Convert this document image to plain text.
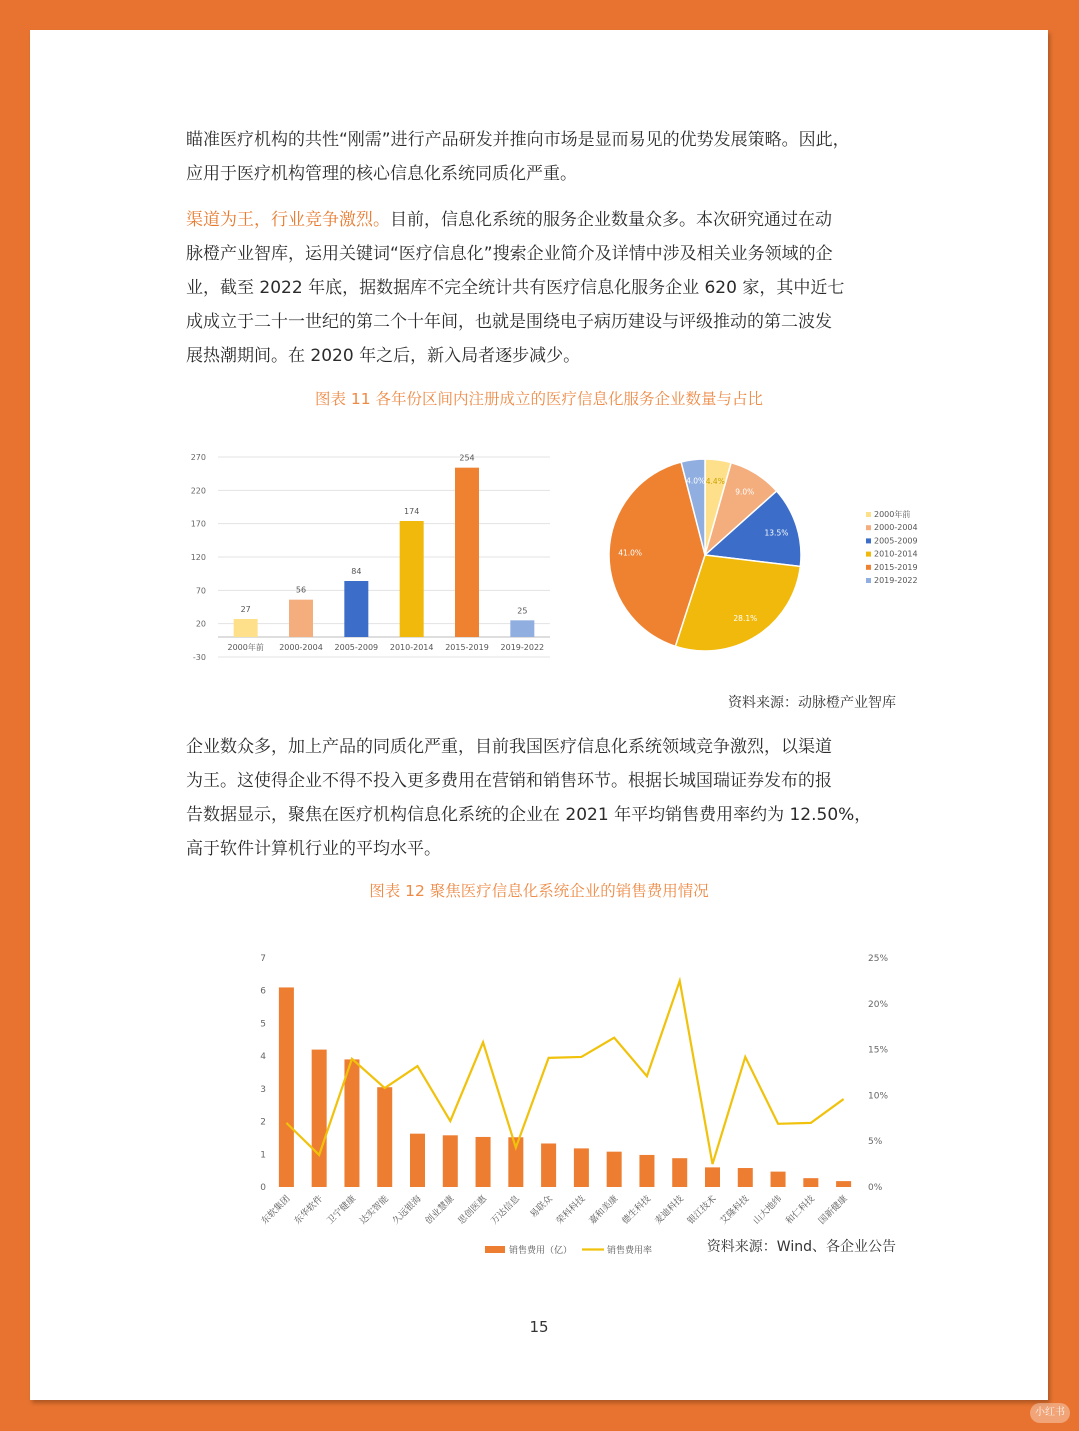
瞄准医疗机构的共性“刚需”进行产品研发并推向市场是显而易见的优势发展策略。因此，
应用于医疗机构管理的核心信息化系统同质化严重。

渠道为王，行业竞争激烈。目前，信息化系统的服务企业数量众多。本次研究通过在动
脉橙产业智库，运用关键词“医疗信息化”搜索企业简介及详情中涉及相关业务领域的企
业，截至 2022 年底，据数据库不完全统计共有医疗信息化服务企业 620 家，其中近七
成成立于二十一世纪的第二个十年间，也就是围绕电子病历建设与评级推动的第二波发
展热潮期间。在 2020 年之后，新入局者逐步减少。

图表 11 各年份区间内注册成立的医疗信息化服务企业数量与占比

270
220
170
120
70
20
-30
27
2000年前
56
2000-2004
84
2005-2009
174
2010-2014
254
2015-2019
25
2019-2022
4.4%
9.0%
13.5%
28.1%
41.0%
4.0%
2000年前
2000-2004
2005-2009
2010-2014
2015-2019
2019-2022
资料来源：动脉橙产业智库

企业数众多，加上产品的同质化严重，目前我国医疗信息化系统领域竞争激烈，以渠道
为王。这使得企业不得不投入更多费用在营销和销售环节。根据长城国瑞证券发布的报
告数据显示，聚焦在医疗机构信息化系统的企业在 2021 年平均销售费用率约为 12.50%，
高于软件计算机行业的平均水平。

图表 12 聚焦医疗信息化系统企业的销售费用情况

7
6
5
4
3
2
1
0
25%
20%
15%
10%
5%
0%
东软集团 东华软件 卫宁健康 达实智能 久远银海 创业慧康 思创医惠 万达信息 易联众 荣科科技 嘉和美康 德生科技 麦迪科技 银江技术 艾隆科技 山大地纬 和仁科技 国新健康
销售费用（亿）	销售费用率	资料来源：Wind、各企业公告
15
小红书
